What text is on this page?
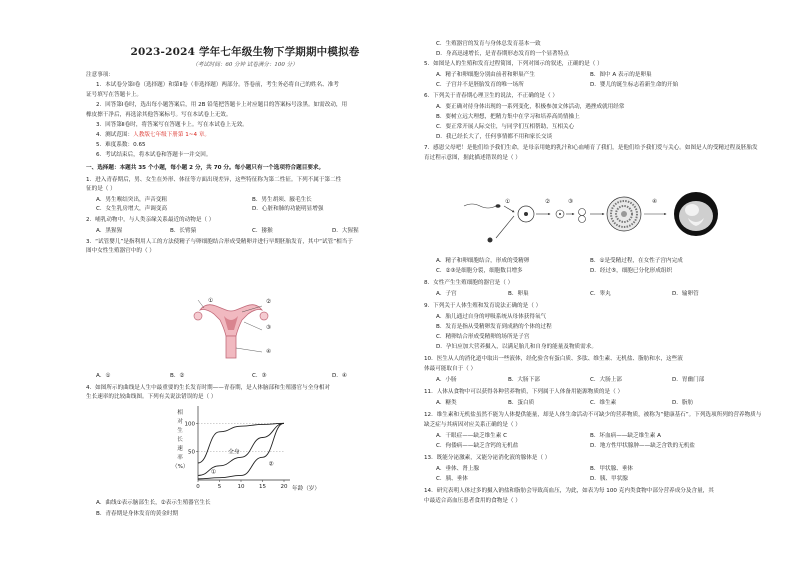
2023-2024 学年七年级生物下学期期中模拟卷
（考试时间：60 分钟 试卷满分：100 分）
注意事项：
1．本试卷分第Ⅰ卷（选择题）和第Ⅱ卷（非选择题）两部分。答卷前，考生务必将自己的姓名、准考
证号填写在答题卡上。
2．回答第Ⅰ卷时，选出每小题答案后，用 2B 铅笔把答题卡上对应题目的答案标号涂黑。如需改动，用
橡皮擦干净后，再选涂其他答案标号。写在本试卷上无效。
3．回答第Ⅱ卷时，将答案写在答题卡上。写在本试卷上无效。
4．测试范围：人教版七年级下册第 1~4 章。
5．难度系数：0.65
6．考试结束后，将本试卷和答题卡一并交回。
一、选择题：本题共 35 个小题，每小题 2 分，共 70 分。每小题只有一个选项符合题目要求。
1．进入青春期后，男、女生在外形、体征等方面出现差异，这些特征称为第二性征。下列不属于第二性
征的是（ ）
A．男生喉结突出，声音变粗	B．男生胡须、腋毛生长
C．女生乳房增大，声调变高	D．心脏和肺的功能明显增强
2．哺乳动物中，与人类亲缘关系最近的动物是（ ）
A．黑猩猩	B．长臂猿	C．猕猴	D．大猩猩
3．“试管婴儿”是指利用人工的方法使精子与卵细胞结合形成受精卵并进行早期胚胎发育，其中“试管”相当于
图中女性生殖器官中的（ ）
①	②
③
④
A．①	B．②	C．③	D．④
4．如图所示的曲线是人生中最重要的生长发育时期——青春期，是人体脑部和生殖器官与全身相对
生长速率的比较曲线图。下列有关说法错误的是（ ）
相
对
生
长
速
率
（%）
0	5	10	15	20
50
100
①
全身
②
年龄（岁）
A．曲线①表示脑部生长，②表示生殖器官生长
B．青春期是身体发育的黄金时期
C．生殖器官的发育与身体总发育基本一致
D．身高迅速增长，是青春期形态发育的一个显著特点
5．如图是人的生殖和发育过程简图，下列对图示的叙述，正确的是（ ）
A．精子和卵细胞分别由前者和卵巢产生	B．图中 A 表示的是卵巢
C．子宫并不是胚胎发育的唯一场所	D．婴儿的诞生标志着新生命的开始
6．下列关于青春期心理卫生的说法，不正确的是（ ）
A．要正确对待身体出现的一系列变化，积极参加文体活动，遇挫成就用经常
B．要树立远大理想，把精力集中在学习和培养高尚情操上
C．要正常开展人际交往，与同学们互相帮助，互相关心
D．我已经长大了，任何事情都不用和家长交谈
7．感恩父母吧！是他们给予我们生命，是母亲用她的乳汁和心血哺育了我们，是他们给予我们爱与关心。如图是人的受精过程及胚胎发
育过程示意图，据此描述错误的是（ ）
①	②	③	④
A．精子和卵细胞结合，形成的受精卵	B．①是受精过程，在女性子宫内完成
C．②③是细胞分裂，细胞数目增多	D．经过⑤，细胞已分化形成组织
8．女性产生生殖细胞的器官是（ ）
A．子宫	B．卵巢	C．睾丸	D．输卵管
9．下列关于人体生殖和发育说法正确的是（ ）
A．胎儿通过自身的呼吸系统从母体获得氧气
B．发育是指从受精卵发育到成熟的个体的过程
C．精卵结合形成受精卵的场所是子宫
D．孕妇应加大营养摄入，以满足胎儿和自身的能量及物质需求。
10．医生从人的消化道中取出一些液体，经化验含有蛋白质、多肽、维生素、无机盐、脂肪和水，这些液
体最可能取自于（ ）
A．小肠	B．大肠下部	C．大肠上部	D．胃幽门部
11．人体从食物中可以获得各种营养物质，下列属于人体备用能源物质的是（ ）
A．糖类	B．蛋白质	C．维生素	D．脂肪
12．维生素和无机盐虽然不能为人体提供能量，却是人体生命活动不可缺少的营养物质，被称为“健康基石”。下列选项所列的营养物质与
缺乏症与其病因对应关系正确的是（ ）
A．干眼症——缺乏维生素 C	B．坏血病——缺乏维生素 A
C．佝偻病——缺乏含钙的无机盐	D．地方性甲状腺肿——缺乏含铁的无机盐
13．既能分泌激素，又能分泌消化液的腺体是（ ）
A．垂体、肾上腺	B．甲状腺、垂体
C．胰、垂体	D．胰、甲状腺
14．研究表明人体过多的摄入钠盐和脂肪会导致高血压，为此，如表为每 100 克内类食物中部分营养成分及含量，其
中最适合高血压患者食用的食物是（ ）
